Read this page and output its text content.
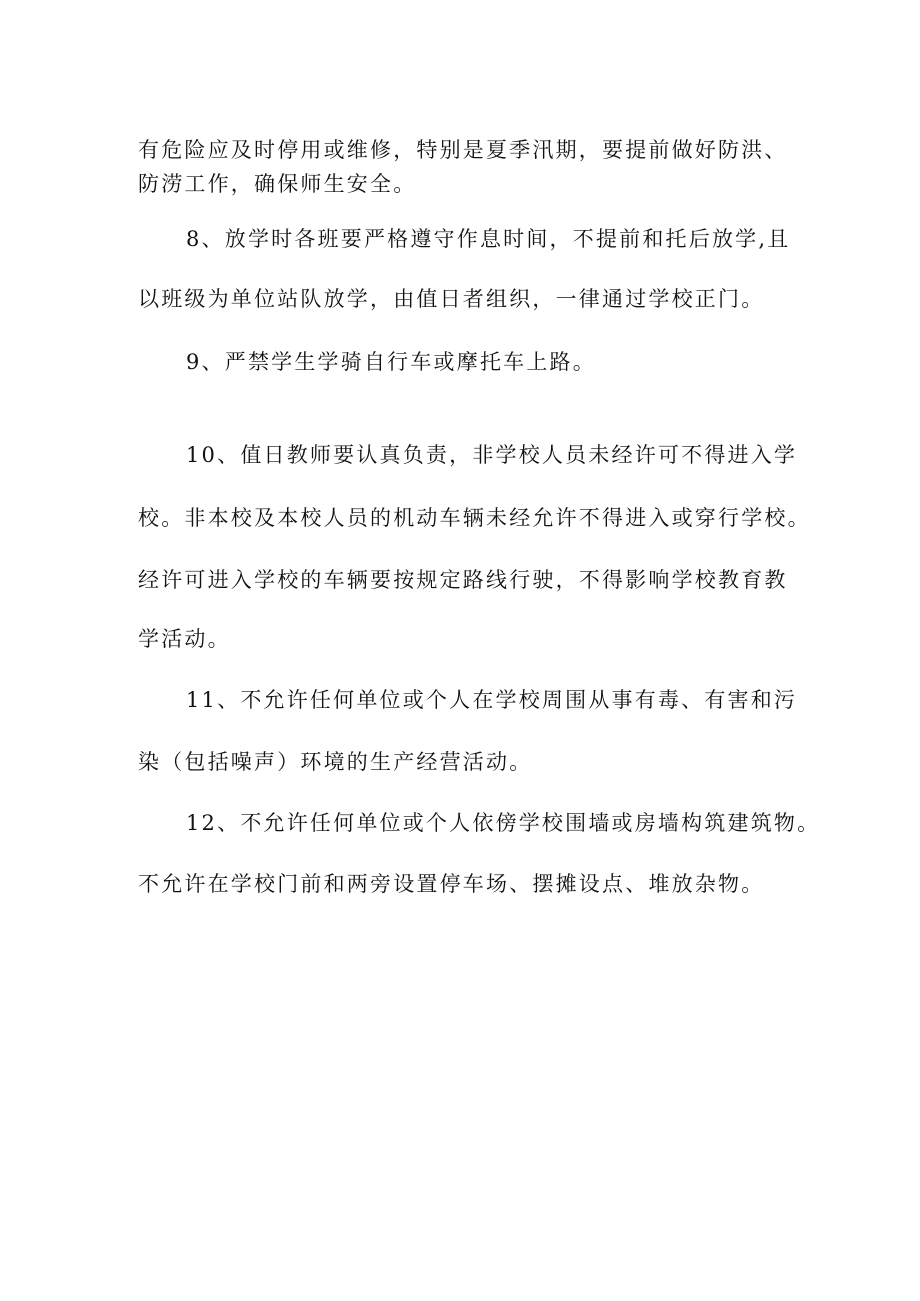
有危险应及时停用或维修，特别是夏季汛期，要提前做好防洪、
防涝工作，确保师生安全。
8、放学时各班要严格遵守作息时间，不提前和托后放学,且
以班级为单位站队放学，由值日者组织，一律通过学校正门。
9、严禁学生学骑自行车或摩托车上路。
10、值日教师要认真负责，非学校人员未经许可不得进入学
校。非本校及本校人员的机动车辆未经允许不得进入或穿行学校。
经许可进入学校的车辆要按规定路线行驶，不得影响学校教育教
学活动。
11、不允许任何单位或个人在学校周围从事有毒、有害和污
染（包括噪声）环境的生产经营活动。
12、不允许任何单位或个人依傍学校围墙或房墙构筑建筑物。
不允许在学校门前和两旁设置停车场、摆摊设点、堆放杂物。
